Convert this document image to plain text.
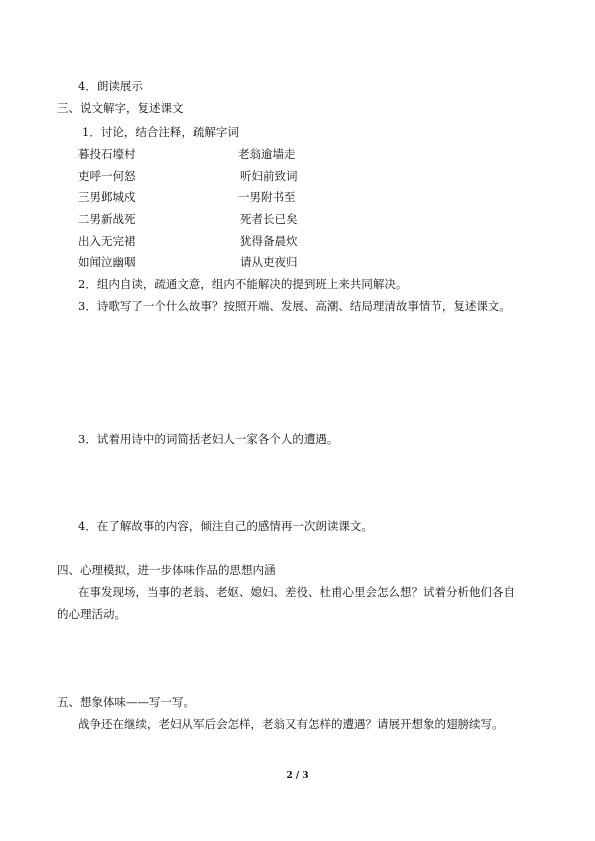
4．朗读展示
三、说文解字，复述课文
1．讨论，结合注释，疏解字词
暮投石壕村	老翁逾墙走
吏呼一何怒	听妇前致词
三男邺城戍	一男附书至
二男新战死	死者长已矣
出入无完裙	犹得备晨炊
如闻泣幽咽	请从吏夜归
2．组内自读，疏通文意，组内不能解决的提到班上来共同解决。
3．诗歌写了一个什么故事？按照开端、发展、高潮、结局理清故事情节，复述课文。
3．试着用诗中的词简括老妇人一家各个人的遭遇。
4．在了解故事的内容，倾注自己的感情再一次朗读课文。
四、心理模拟，进一步体味作品的思想内涵
在事发现场，当事的老翁、老妪、媳妇、差役、杜甫心里会怎么想？试着分析他们各自
的心理活动。
五、想象体味——写一写。
战争还在继续，老妇从军后会怎样，老翁又有怎样的遭遇？请展开想象的翅膀续写。
2 / 3
